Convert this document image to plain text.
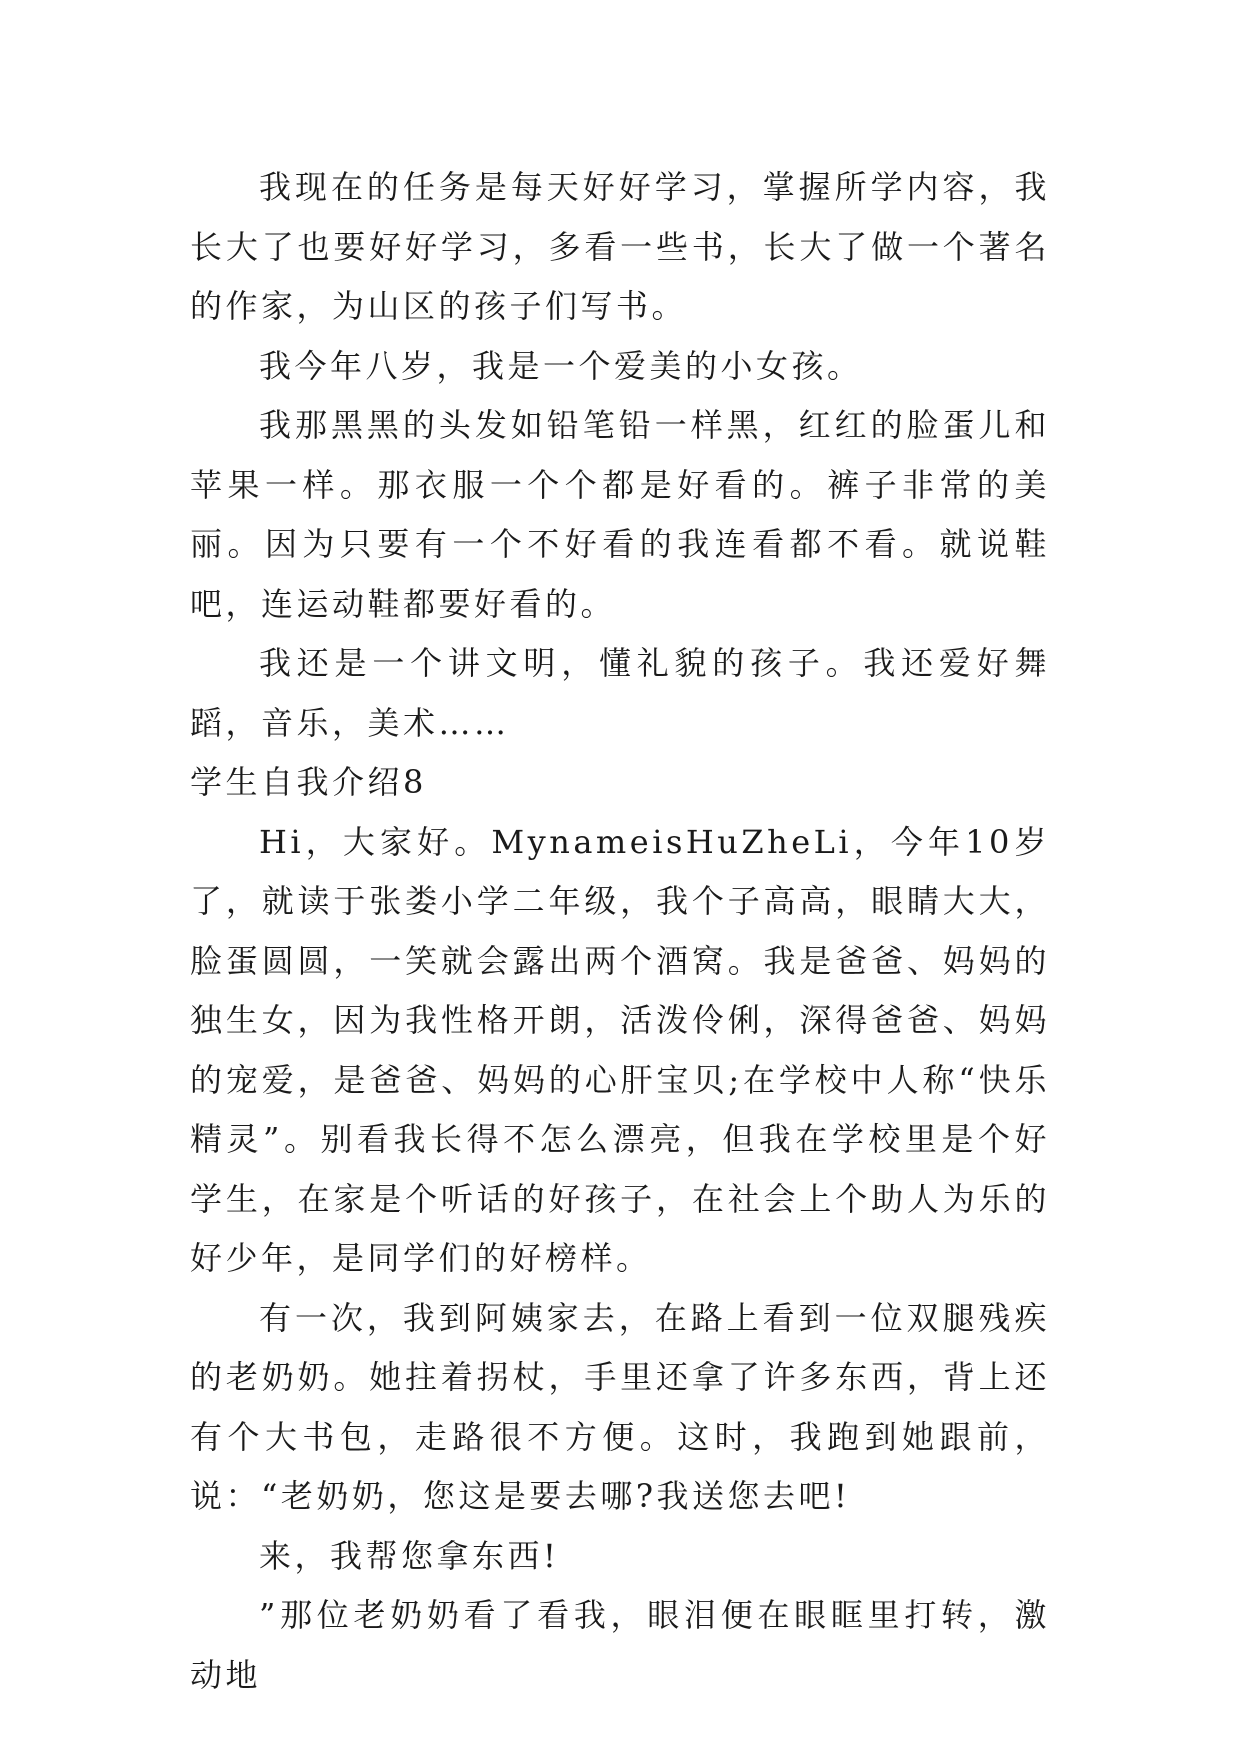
我现在的任务是每天好好学习，掌握所学内容，我长大了也要好好学习，多看一些书，长大了做一个著名的作家，为山区的孩子们写书。

我今年八岁，我是一个爱美的小女孩。

我那黑黑的头发如铅笔铅一样黑，红红的脸蛋儿和苹果一样。那衣服一个个都是好看的。裤子非常的美丽。因为只要有一个不好看的我连看都不看。就说鞋吧，连运动鞋都要好看的。

我还是一个讲文明，懂礼貌的孩子。我还爱好舞蹈，音乐，美术……

学生自我介绍8

Hi，大家好。MynameisHuZheLi，今年10岁了，就读于张娄小学二年级，我个子高高，眼睛大大，脸蛋圆圆，一笑就会露出两个酒窝。我是爸爸、妈妈的独生女，因为我性格开朗，活泼伶俐，深得爸爸、妈妈的宠爱，是爸爸、妈妈的心肝宝贝;在学校中人称“快乐精灵”。别看我长得不怎么漂亮，但我在学校里是个好学生，在家是个听话的好孩子，在社会上个助人为乐的好少年，是同学们的好榜样。

有一次，我到阿姨家去，在路上看到一位双腿残疾的老奶奶。她拄着拐杖，手里还拿了许多东西，背上还有个大书包，走路很不方便。这时，我跑到她跟前，说：“老奶奶，您这是要去哪?我送您去吧!

来，我帮您拿东西!

”那位老奶奶看了看我，眼泪便在眼眶里打转，激动地
